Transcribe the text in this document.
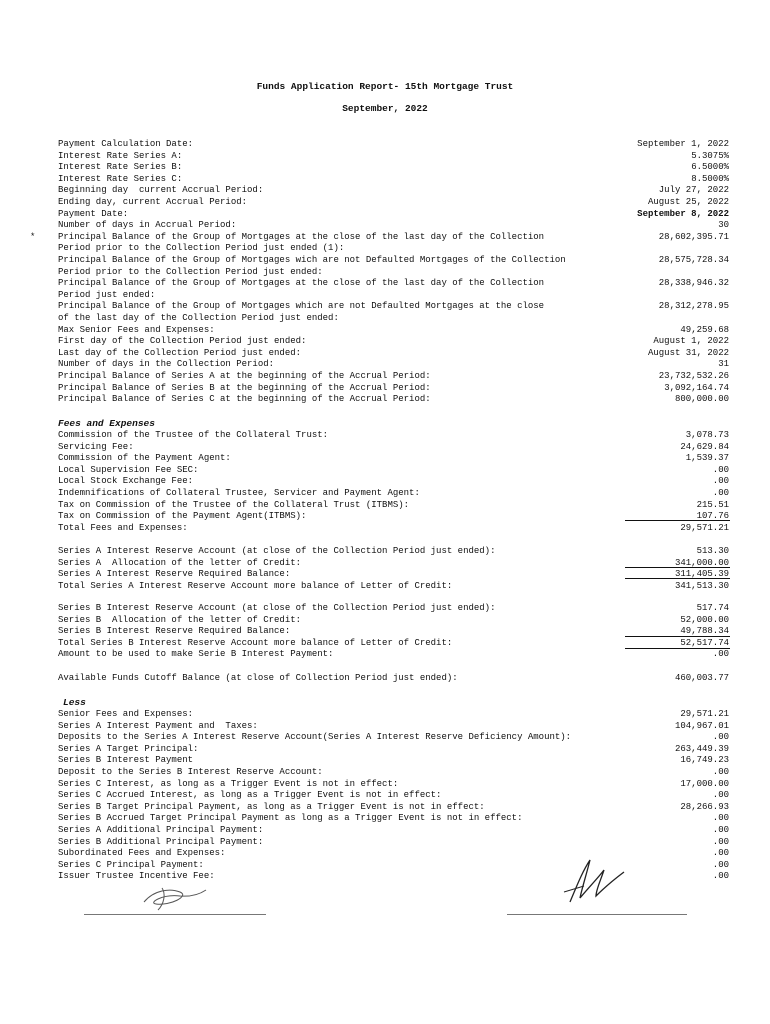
Funds Application Report- 15th Mortgage Trust
September, 2022
Payment Calculation Date:	September 1, 2022
Interest Rate Series A:	5.3075%
Interest Rate Series B:	6.5000%
Interest Rate Series C:	8.5000%
Beginning day  current Accrual Period:	July 27, 2022
Ending day, current Accrual Period:	August 25, 2022
Payment Date:	September 8, 2022
Number of days in Accrual Period:	30
*	Principal Balance of the Group of Mortgages at the close of the last day of the Collection	28,602,395.71
Period prior to the Collection Period just ended (1):
Principal Balance of the Group of Mortgages wich are not Defaulted Mortgages of the Collection	28,575,728.34
Period prior to the Collection Period just ended:
Principal Balance of the Group of Mortgages at the close of the last day of the Collection	28,338,946.32
Period just ended:
Principal Balance of the Group of Mortgages which are not Defaulted Mortgages at the close	28,312,278.95
of the last day of the Collection Period just ended:
Max Senior Fees and Expenses:	49,259.68
First day of the Collection Period just ended:	August 1, 2022
Last day of the Collection Period just ended:	August 31, 2022
Number of days in the Collection Period:	31
Principal Balance of Series A at the beginning of the Accrual Period:	23,732,532.26
Principal Balance of Series B at the beginning of the Accrual Period:	3,092,164.74
Principal Balance of Series C at the beginning of the Accrual Period:	800,000.00
Fees and Expenses
Commission of the Trustee of the Collateral Trust:	3,078.73
Servicing Fee:	24,629.84
Commission of the Payment Agent:	1,539.37
Local Supervision Fee SEC:	.00
Local Stock Exchange Fee:	.00
Indemnifications of Collateral Trustee, Servicer and Payment Agent:	.00
Tax on Commission of the Trustee of the Collateral Trust (ITBMS):	215.51
Tax on Commission of the Payment Agent(ITBMS):	107.76
Total Fees and Expenses:	29,571.21
Series A Interest Reserve Account (at close of the Collection Period just ended):	513.30
Series A  Allocation of the letter of Credit:	341,000.00
Series A Interest Reserve Required Balance:	311,405.39
Total Series A Interest Reserve Account more balance of Letter of Credit:	341,513.30
Series B Interest Reserve Account (at close of the Collection Period just ended):	517.74
Series B  Allocation of the letter of Credit:	52,000.00
Series B Interest Reserve Required Balance:	49,788.34
Total Series B Interest Reserve Account more balance of Letter of Credit:	52,517.74
Amount to be used to make Serie B Interest Payment:	.00
Available Funds Cutoff Balance (at close of Collection Period just ended):	460,003.77
Less
Senior Fees and Expenses:	29,571.21
Series A Interest Payment and  Taxes:	104,967.01
Deposits to the Series A Interest Reserve Account(Series A Interest Reserve Deficiency Amount):	.00
Series A Target Principal:	263,449.39
Series B Interest Payment	16,749.23
Deposit to the Series B Interest Reserve Account:	.00
Series C Interest, as long as a Trigger Event is not in effect:	17,000.00
Series C Accrued Interest, as long as a Trigger Event is not in effect:	.00
Series B Target Principal Payment, as long as a Trigger Event is not in effect:	28,266.93
Series B Accrued Target Principal Payment as long as a Trigger Event is not in effect:	.00
Series A Additional Principal Payment:	.00
Series B Additional Principal Payment:	.00
Subordinated Fees and Expenses:	.00
Series C Principal Payment:	.00
Issuer Trustee Incentive Fee:	.00
